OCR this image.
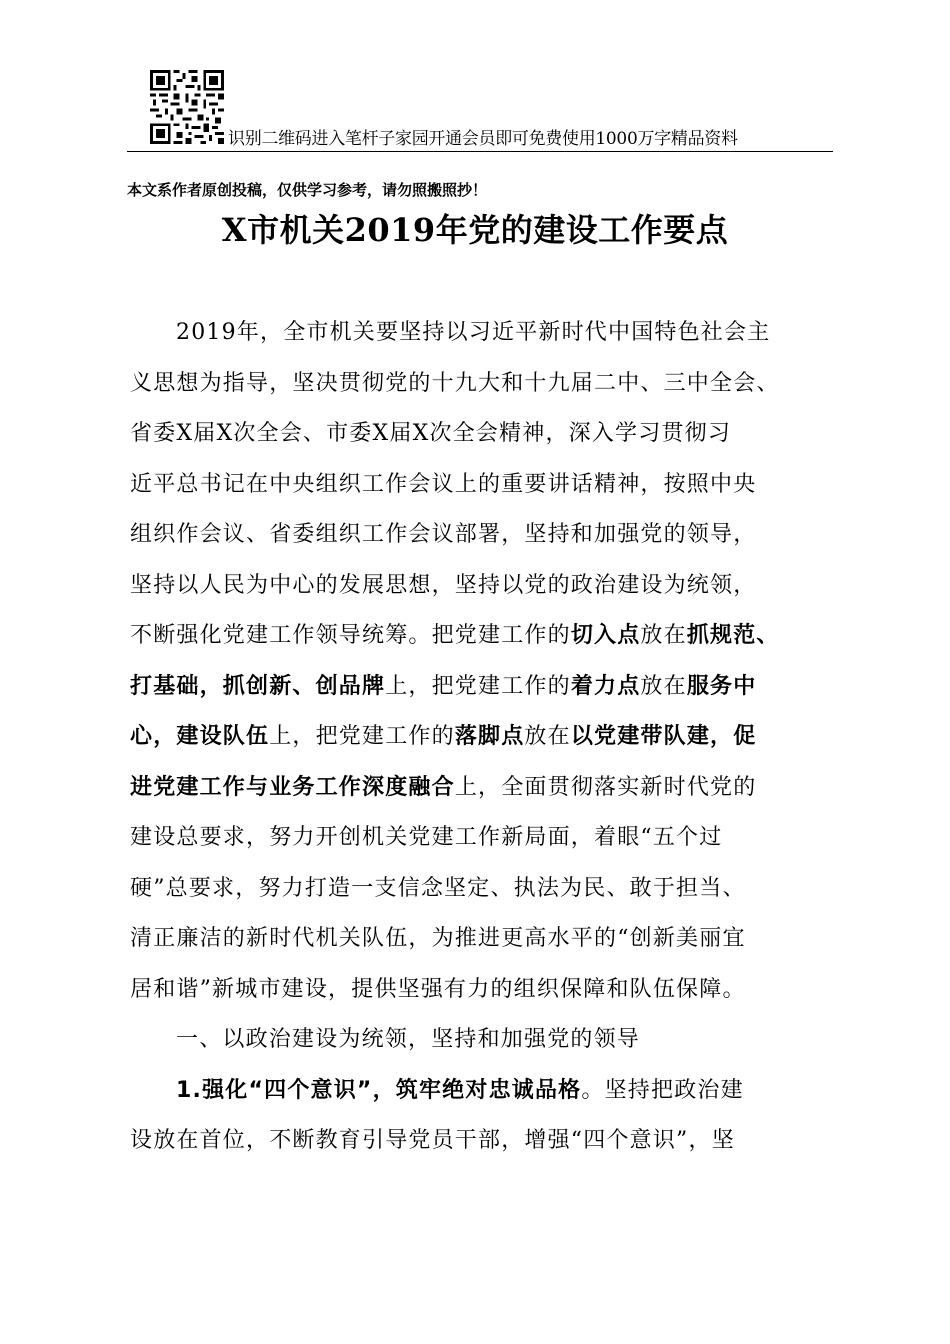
识别二维码进入笔杆子家园开通会员即可免费使用1000万字精品资料
本文系作者原创投稿，仅供学习参考，请勿照搬照抄！
X市机关2019年党的建设工作要点
2019年，全市机关要坚持以习近平新时代中国特色社会主
义思想为指导，坚决贯彻党的十九大和十九届二中、三中全会、
省委X届X次全会、市委X届X次全会精神，深入学习贯彻习
近平总书记在中央组织工作会议上的重要讲话精神，按照中央
组织作会议、省委组织工作会议部署，坚持和加强党的领导，
坚持以人民为中心的发展思想，坚持以党的政治建设为统领，
不断强化党建工作领导统筹。把党建工作的切入点放在抓规范、
打基础，抓创新、创品牌上，把党建工作的着力点放在服务中
心，建设队伍上，把党建工作的落脚点放在以党建带队建，促
进党建工作与业务工作深度融合上，全面贯彻落实新时代党的
建设总要求，努力开创机关党建工作新局面，着眼“五个过
硬”总要求，努力打造一支信念坚定、执法为民、敢于担当、
清正廉洁的新时代机关队伍，为推进更高水平的“创新美丽宜
居和谐”新城市建设，提供坚强有力的组织保障和队伍保障。
一、以政治建设为统领，坚持和加强党的领导
1.强化“四个意识”，筑牢绝对忠诚品格。坚持把政治建
设放在首位，不断教育引导党员干部，增强“四个意识”，坚
